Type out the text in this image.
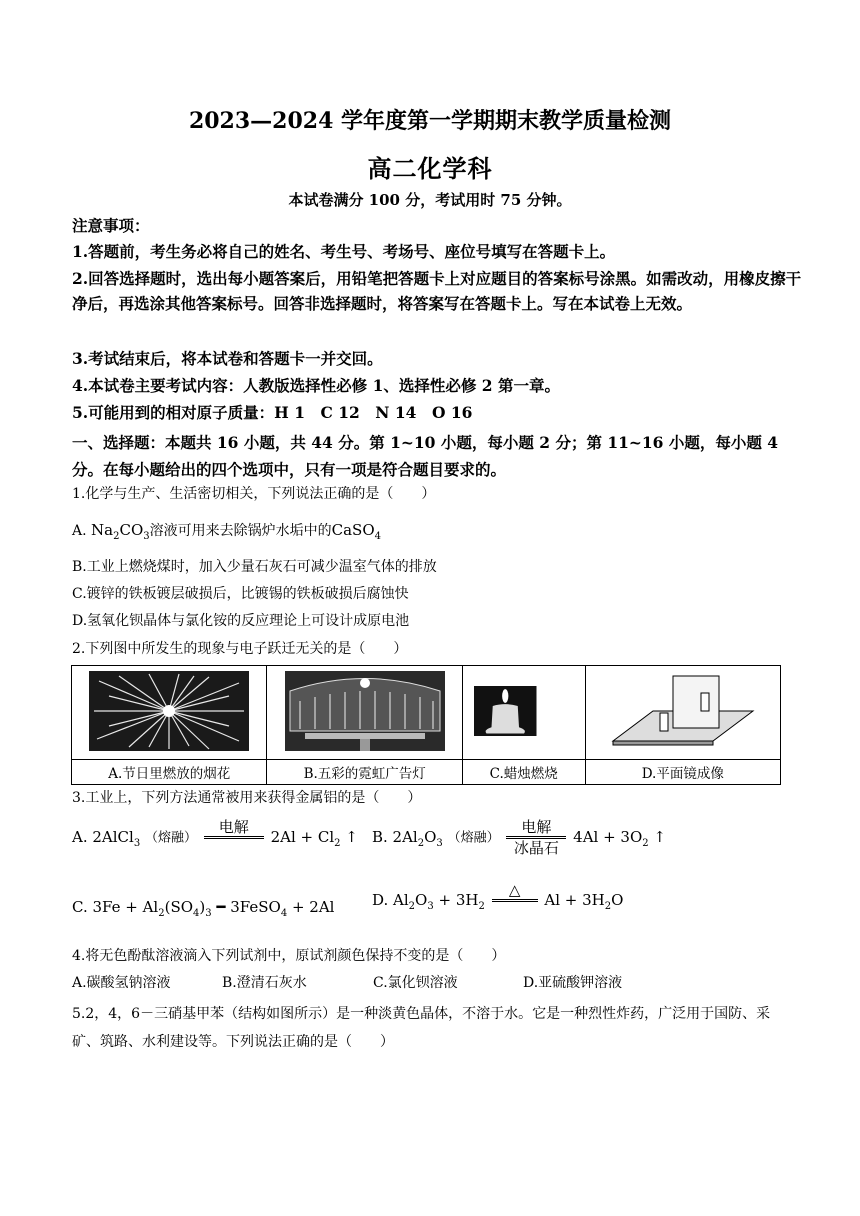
2023—2024 学年度第一学期期末教学质量检测
高二化学科
本试卷满分 100 分，考试用时 75 分钟。
注意事项：
1.答题前，考生务必将自己的姓名、考生号、考场号、座位号填写在答题卡上。
2.回答选择题时，选出每小题答案后，用铅笔把答题卡上对应题目的答案标号涂黑。如需改动，用橡皮擦干净后，再选涂其他答案标号。回答非选择题时，将答案写在答题卡上。写在本试卷上无效。
3.考试结束后，将本试卷和答题卡一并交回。
4.本试卷主要考试内容：人教版选择性必修 1、选择性必修 2 第一章。
5.可能用到的相对原子质量：H 1　C 12　N 14　O 16
一、选择题：本题共 16 小题，共 44 分。第 1~10 小题，每小题 2 分；第 11~16 小题，每小题 4 分。在每小题给出的四个选项中，只有一项是符合题目要求的。
1.化学与生产、生活密切相关，下列说法正确的是（　　）
A. $Na_2CO_3$溶液可用来去除锅炉水垢中的CaSO$_4$
B.工业上燃烧煤时，加入少量石灰石可减少温室气体的排放
C.镀锌的铁板镀层破损后，比镀锡的铁板破损后腐蚀快
D.氢氧化钡晶体与氯化铵的反应理论上可设计成原电池
2.下列图中所发生的现象与电子跃迁无关的是（　　）

A.节日里燃放的烟花	B.五彩的霓虹广告灯	C.蜡烛燃烧	D.平面镜成像
3.工业上，下列方法通常被用来获得金属铝的是（　　）
A. 2AlCl$_3$ （熔融）
电解

$2Al + Cl_2$ ↑ B. $2Al_2O_3$ （熔融） $\frac{\text{电解}}{\text{冰晶石}} 4Al + 3O_2$ ↑
C. $3Fe + Al_2(SO_4)_3$ ━ 3FeSO$_4$ + 2Al	D. $Al_2O_3 + 3H_2$
△

$Al + 3H_2O$
4.将无色酚酞溶液滴入下列试剂中，原试剂颜色保持不变的是（　　）
A.碳酸氢钠溶液	B.澄清石灰水	C.氯化钡溶液	D.亚硫酸钾溶液
5.2，4，6－三硝基甲苯（结构如图所示）是一种淡黄色晶体，不溶于水。它是一种烈性炸药，广泛用于国防、采矿、筑路、水利建设等。下列说法正确的是（　　）
